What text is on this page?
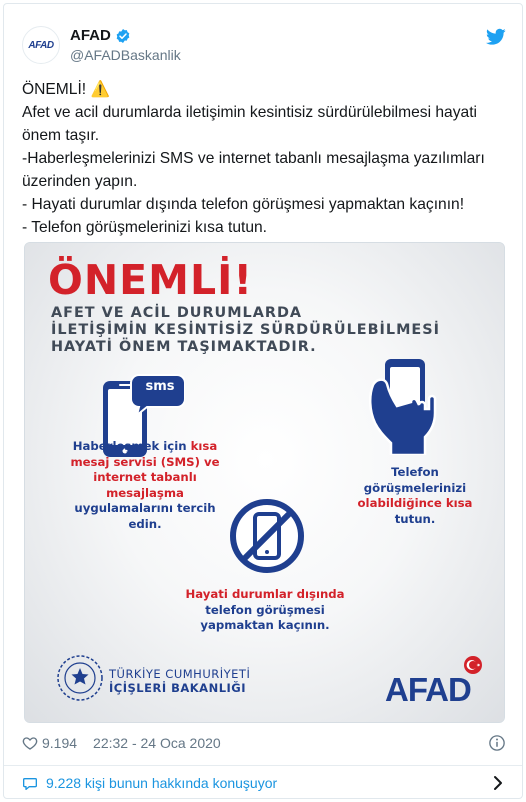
AFAD
AFAD
@AFADBaskanlik
ÖNEMLİ! ⚠️
Afet ve acil durumlarda iletişimin kesintisiz sürdürülebilmesi hayati
önem taşır.
-Haberleşmelerinizi SMS ve internet tabanlı mesajlaşma yazılımları
üzerinden yapın.
- Hayati durumlar dışında telefon görüşmesi yapmaktan kaçının!
- Telefon görüşmelerinizi kısa tutun.
ÖNEMLİ!
AFET VE ACİL DURUMLARDA
İLETİŞİMİN KESİNTİSİZ SÜRDÜRÜLEBİLMESİ
HAYATİ ÖNEM TAŞIMAKTADIR.
sms
Haberleşmek için kısa
mesaj servisi (SMS) ve
internet tabanlı
mesajlaşma
uygulamalarını tercih
edin.
Telefon
görüşmelerinizi
olabildiğince kısa
tutun.
Hayati durumlar dışında
telefon görüşmesi
yapmaktan kaçının.
TÜRKİYE CUMHURİYETİ
İÇİŞLERİ BAKANLIĞI	AFAD
9.194 22:32 - 24 Oca 2020
9.228 kişi bunun hakkında konuşuyor
